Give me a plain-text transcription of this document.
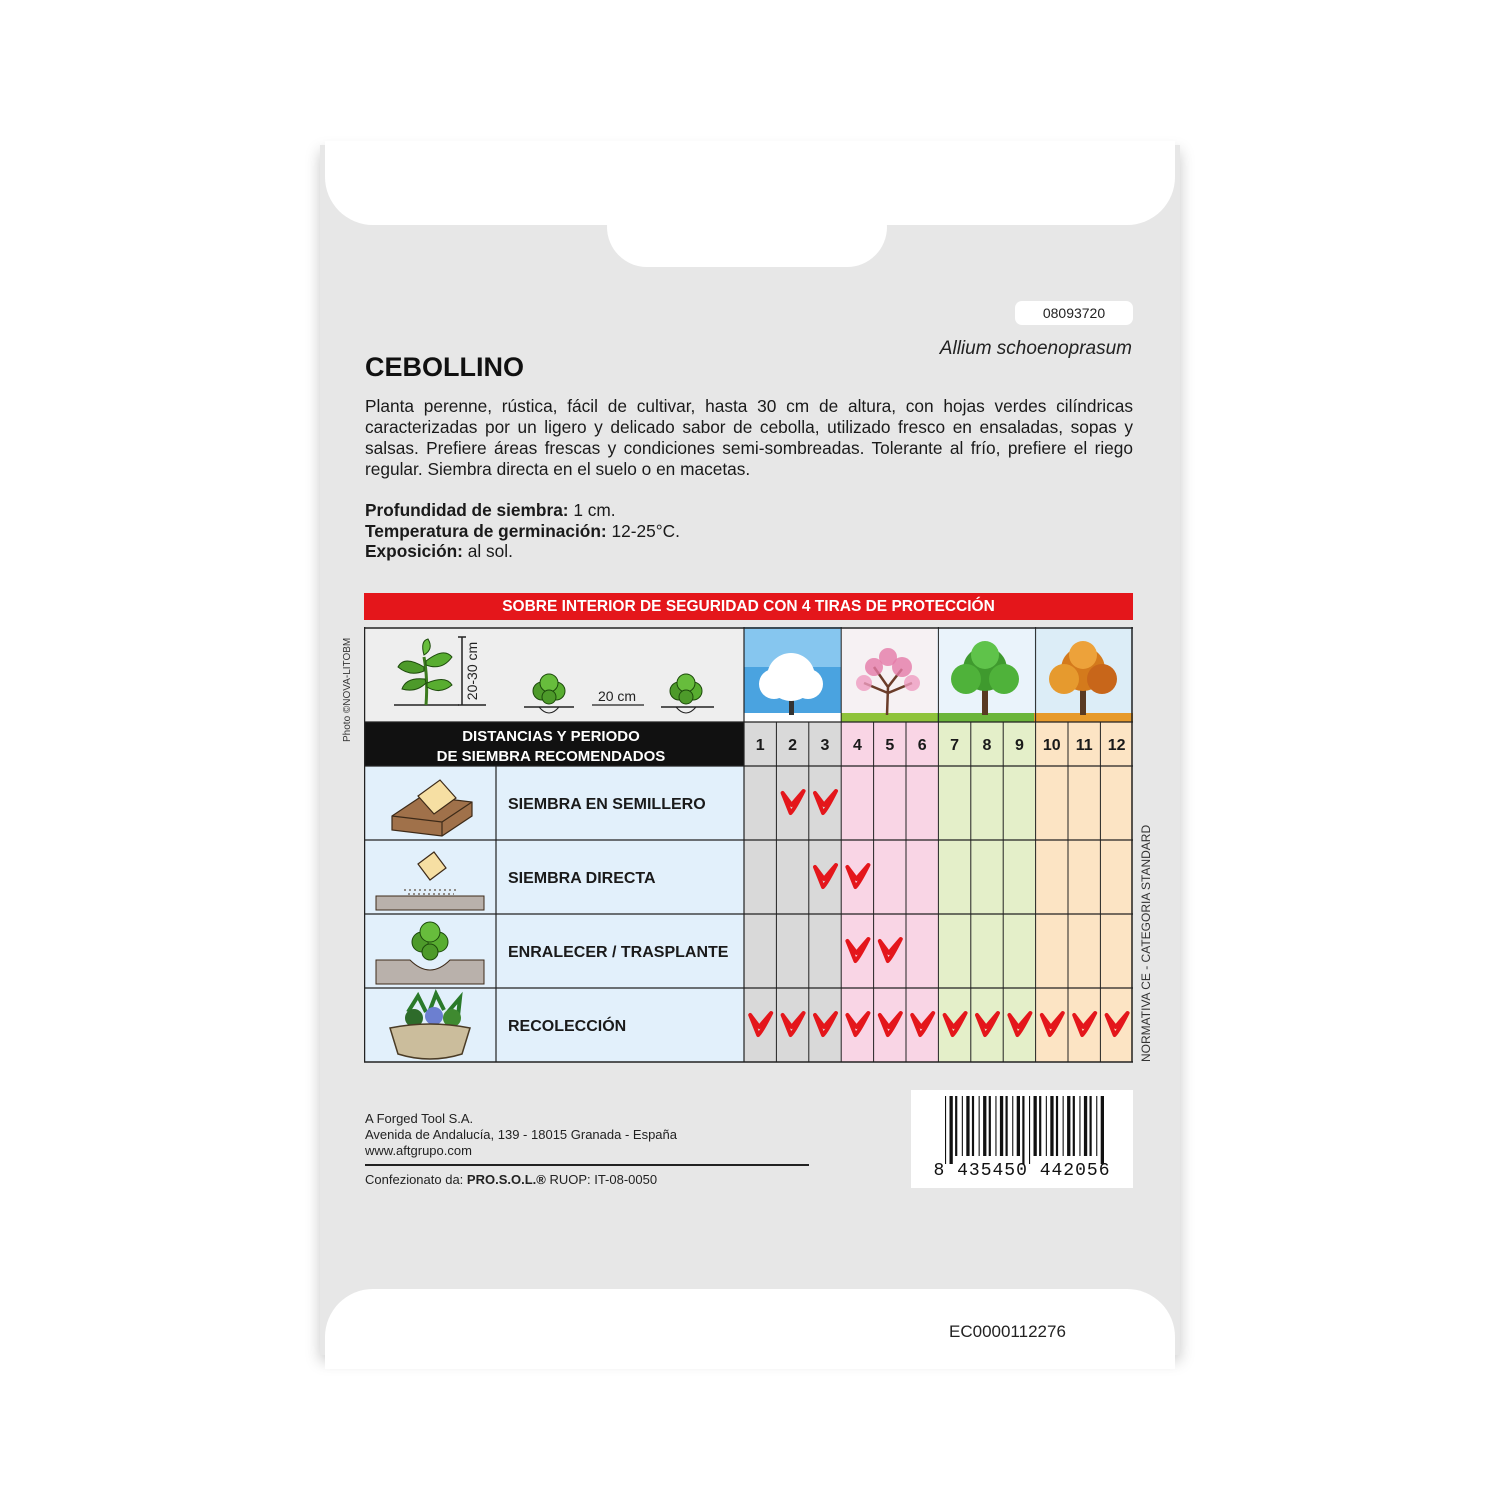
08093720
Allium schoenoprasum
CEBOLLINO
Planta perenne, rústica, fácil de cultivar, hasta 30 cm de altura, con hojas verdes cilíndricas caracterizadas por un ligero y delicado sabor de cebolla, utilizado fresco en ensaladas, sopas y salsas. Prefiere áreas frescas y condiciones semi-sombreadas. Tolerante al frío, prefiere el riego regular. Siembra directa en el suelo o en macetas.
Profundidad de siembra: 1 cm.
Temperatura de germinación: 12-25°C.
Exposición: al sol.
SOBRE INTERIOR DE SEGURIDAD CON 4 TIRAS DE PROTECCIÓN
Photo ©NOVA-LITOBM
NORMATIVA CE - CATEGORIA STANDARD
20-30 cm	20 cm
DISTANCIAS Y PERIODO
DE SIEMBRA RECOMENDADOS
1 2 3 4 5 6 7 8 9 10 11 12
SIEMBRA EN SEMILLERO
SIEMBRA DIRECTA
ENRALECER / TRASPLANTE
RECOLECCIÓN
A Forged Tool S.A.
Avenida de Andalucía, 139 - 18015 Granada - España
www.aftgrupo.com
Confezionato da: PRO.S.O.L.® RUOP: IT-08-0050	8 435450 442056
EC0000112276
